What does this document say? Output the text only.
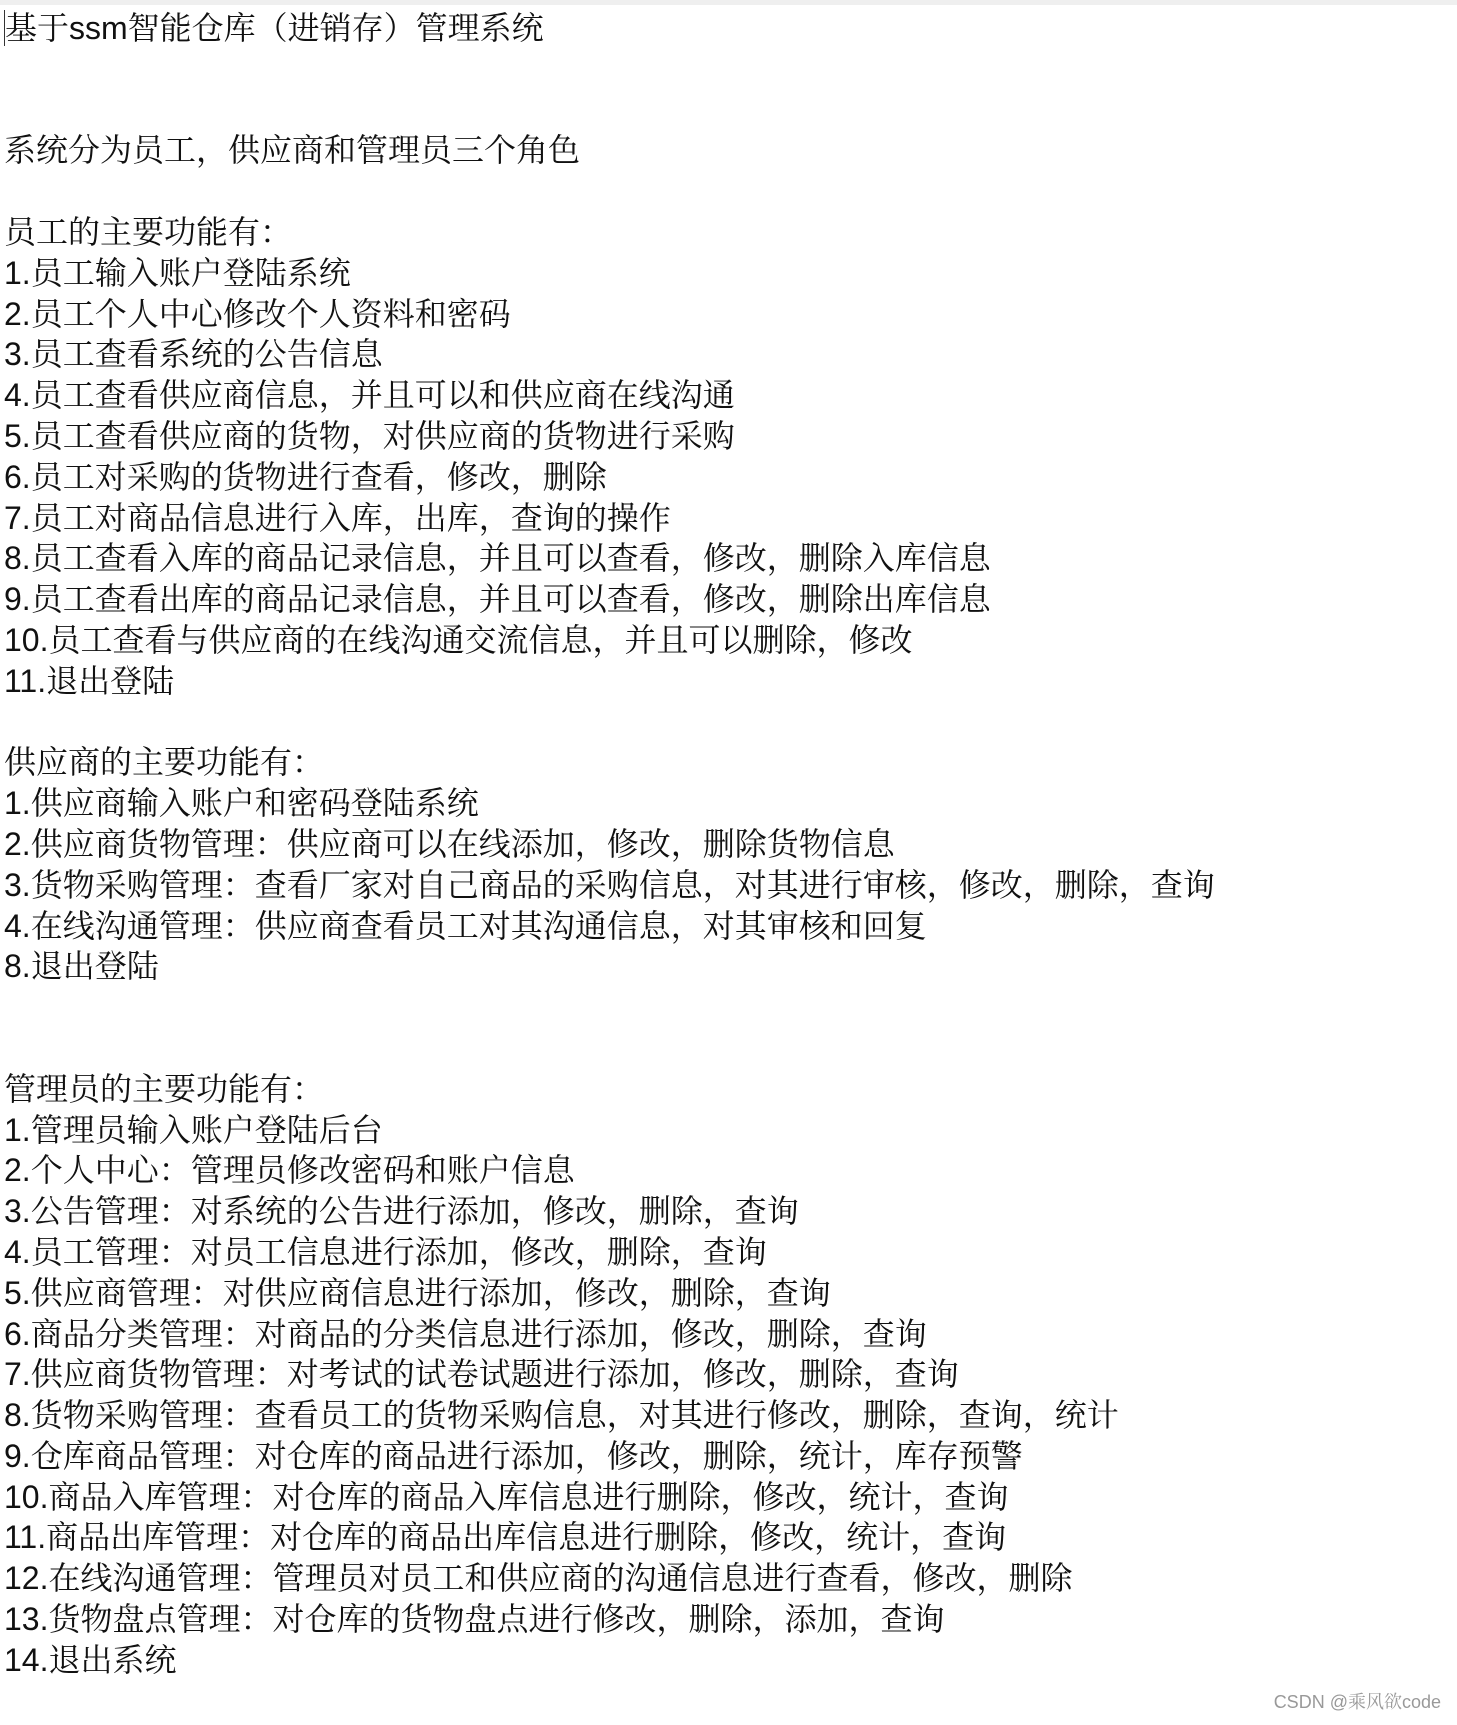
基于ssm智能仓库（进销存）管理系统
系统分为员工，供应商和管理员三个角色
员工的主要功能有：
1.员工输入账户登陆系统
2.员工个人中心修改个人资料和密码
3.员工查看系统的公告信息
4.员工查看供应商信息，并且可以和供应商在线沟通
5.员工查看供应商的货物，对供应商的货物进行采购
6.员工对采购的货物进行查看，修改，删除
7.员工对商品信息进行入库，出库，查询的操作
8.员工查看入库的商品记录信息，并且可以查看，修改，删除入库信息
9.员工查看出库的商品记录信息，并且可以查看，修改，删除出库信息
10.员工查看与供应商的在线沟通交流信息，并且可以删除，修改
11.退出登陆
供应商的主要功能有：
1.供应商输入账户和密码登陆系统
2.供应商货物管理：供应商可以在线添加，修改，删除货物信息
3.货物采购管理：查看厂家对自己商品的采购信息，对其进行审核，修改，删除，查询
4.在线沟通管理：供应商查看员工对其沟通信息，对其审核和回复
8.退出登陆
管理员的主要功能有：
1.管理员输入账户登陆后台
2.个人中心：管理员修改密码和账户信息
3.公告管理：对系统的公告进行添加，修改，删除，查询
4.员工管理：对员工信息进行添加，修改，删除，查询
5.供应商管理：对供应商信息进行添加，修改，删除，查询
6.商品分类管理：对商品的分类信息进行添加，修改，删除，查询
7.供应商货物管理：对考试的试卷试题进行添加，修改，删除，查询
8.货物采购管理：查看员工的货物采购信息，对其进行修改，删除，查询，统计
9.仓库商品管理：对仓库的商品进行添加，修改，删除，统计，库存预警
10.商品入库管理：对仓库的商品入库信息进行删除，修改，统计，查询
11.商品出库管理：对仓库的商品出库信息进行删除，修改，统计，查询
12.在线沟通管理：管理员对员工和供应商的沟通信息进行查看，修改，删除
13.货物盘点管理：对仓库的货物盘点进行修改，删除，添加，查询
14.退出系统
CSDN @乘风欲code
